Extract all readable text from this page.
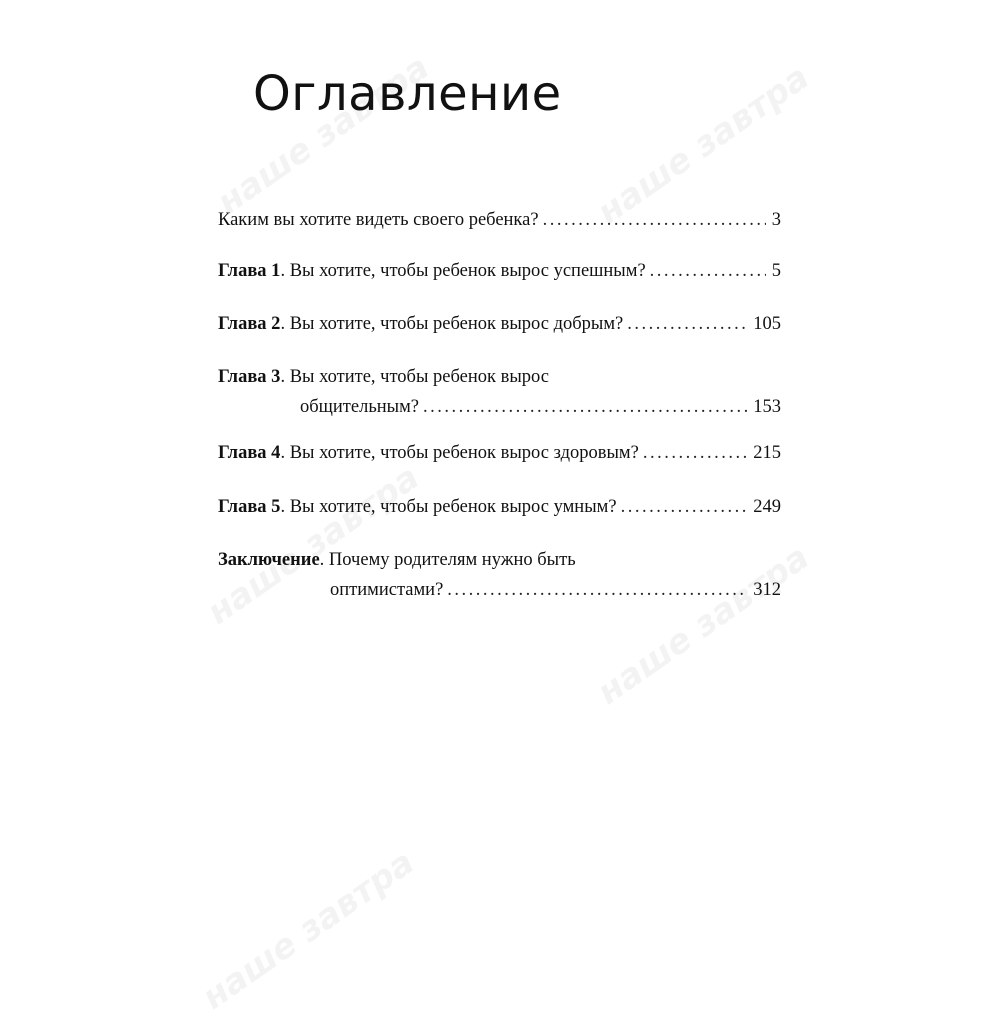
Оглавление
Каким вы хотите видеть своего ребенка? .....	3
Глава 1 . Вы хотите, чтобы ребенок вырос успешным? .....	5
Глава 2 . Вы хотите, чтобы ребенок вырос добрым? .....	105
Глава 3 . Вы хотите, чтобы ребенок вырос
общительным? .....	153
Глава 4 . Вы хотите, чтобы ребенок вырос здоровым? .....	215
Глава 5 . Вы хотите, чтобы ребенок вырос умным? .....	249
Заключение . Почему родителям нужно быть
оптимистами? .....	312
